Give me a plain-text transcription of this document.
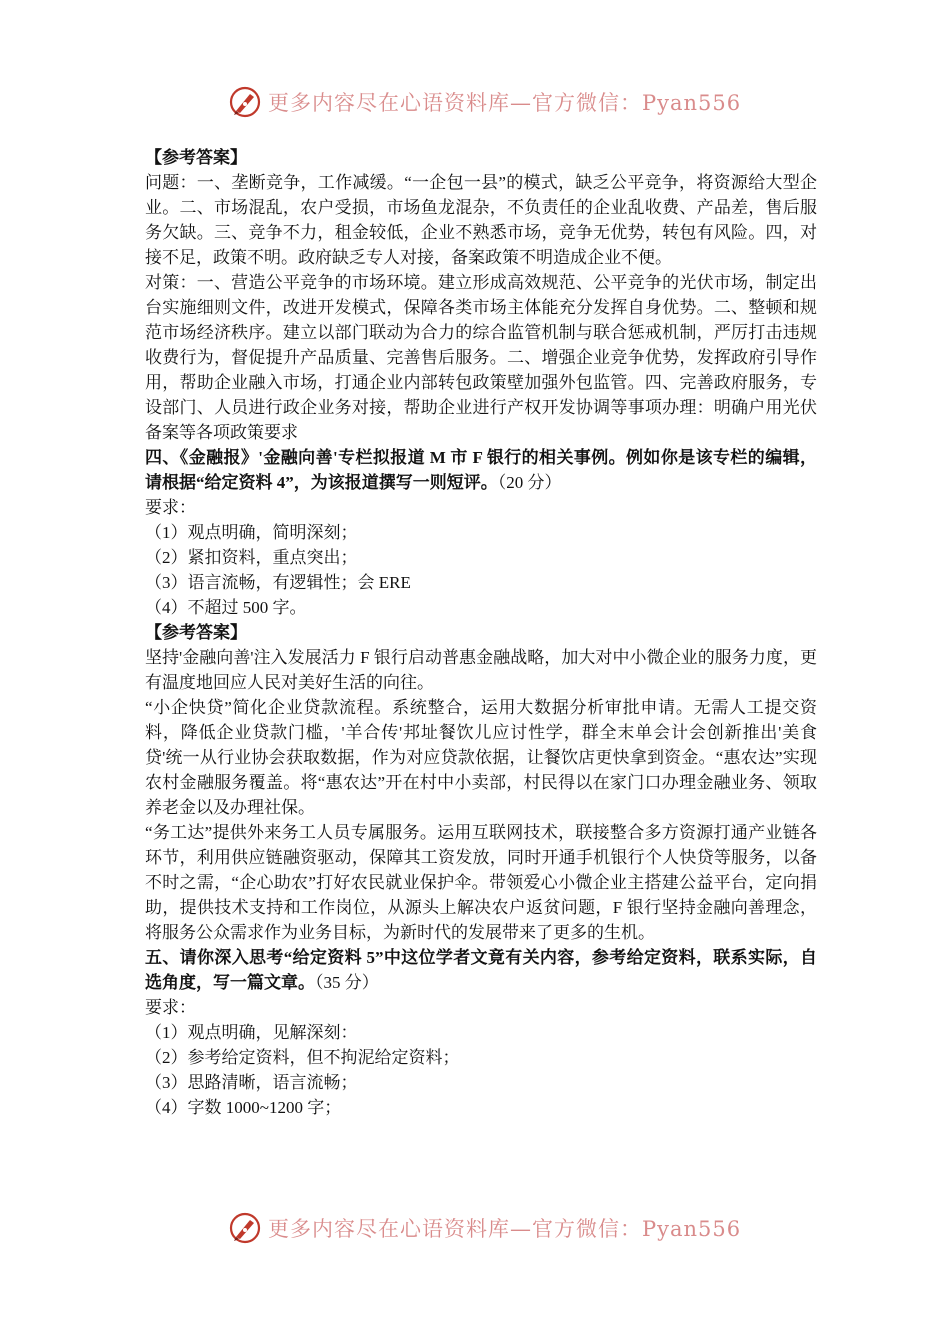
更多内容尽在心语资料库—官方微信：Pyan556

【参考答案】

问题：一、垄断竞争，工作减缓。“一企包一县”的模式，缺乏公平竞争，将资源给大型企业。二、市场混乱，农户受损，市场鱼龙混杂，不负责任的企业乱收费、产品差，售后服务欠缺。三、竞争不力，租金较低，企业不熟悉市场，竞争无优势，转包有风险。四，对接不足，政策不明。政府缺乏专人对接，备案政策不明造成企业不便。

对策：一、营造公平竞争的市场环境。建立形成高效规范、公平竞争的光伏市场，制定出台实施细则文件，改进开发模式，保障各类市场主体能充分发挥自身优势。二、整顿和规范市场经济秩序。建立以部门联动为合力的综合监管机制与联合惩戒机制，严厉打击违规收费行为，督促提升产品质量、完善售后服务。二、增强企业竞争优势，发挥政府引导作用，帮助企业融入市场，打通企业内部转包政策壁加强外包监管。四、完善政府服务，专设部门、人员进行政企业务对接，帮助企业进行产权开发协调等事项办理：明确户用光伏备案等各项政策要求

四、《金融报》'金融向善'专栏拟报道 M 市 F 银行的相关事例。例如你是该专栏的编辑，请根据“给定资料 4”，为该报道撰写一则短评。（20 分）

要求：

（1）观点明确，简明深刻；

（2）紧扣资料，重点突出；

（3）语言流畅，有逻辑性；会 ERE

（4）不超过 500 字。

【参考答案】

坚持'金融向善'注入发展活力 F 银行启动普惠金融战略，加大对中小微企业的服务力度，更有温度地回应人民对美好生活的向往。

“小企快贷”简化企业贷款流程。系统整合，运用大数据分析审批申请。无需人工提交资料，降低企业贷款门槛，'羊合传'邦址餐饮儿应讨性学，群全末单会计会创新推出'美食贷'统一从行业协会获取数据，作为对应贷款依据，让餐饮店更快拿到资金。“惠农达”实现农村金融服务覆盖。将“惠农达”开在村中小卖部，村民得以在家门口办理金融业务、领取养老金以及办理社保。

“务工达”提供外来务工人员专属服务。运用互联网技术，联接整合多方资源打通产业链各环节，利用供应链融资驱动，保障其工资发放，同时开通手机银行个人快贷等服务，以备不时之需，“企心助农”打好农民就业保护伞。带领爱心小微企业主搭建公益平台，定向捐助，提供技术支持和工作岗位，从源头上解决农户返贫问题，F 银行坚持金融向善理念，将服务公众需求作为业务目标，为新时代的发展带来了更多的生机。

五、请你深入思考“给定资料 5”中这位学者文竟有关内容，参考给定资料，联系实际，自选角度，写一篇文章。（35 分）

要求：

（1）观点明确，见解深刻：

（2）参考给定资料，但不拘泥给定资料；

（3）思路清晰，语言流畅；

（4）字数 1000~1200 字；

更多内容尽在心语资料库—官方微信：Pyan556
